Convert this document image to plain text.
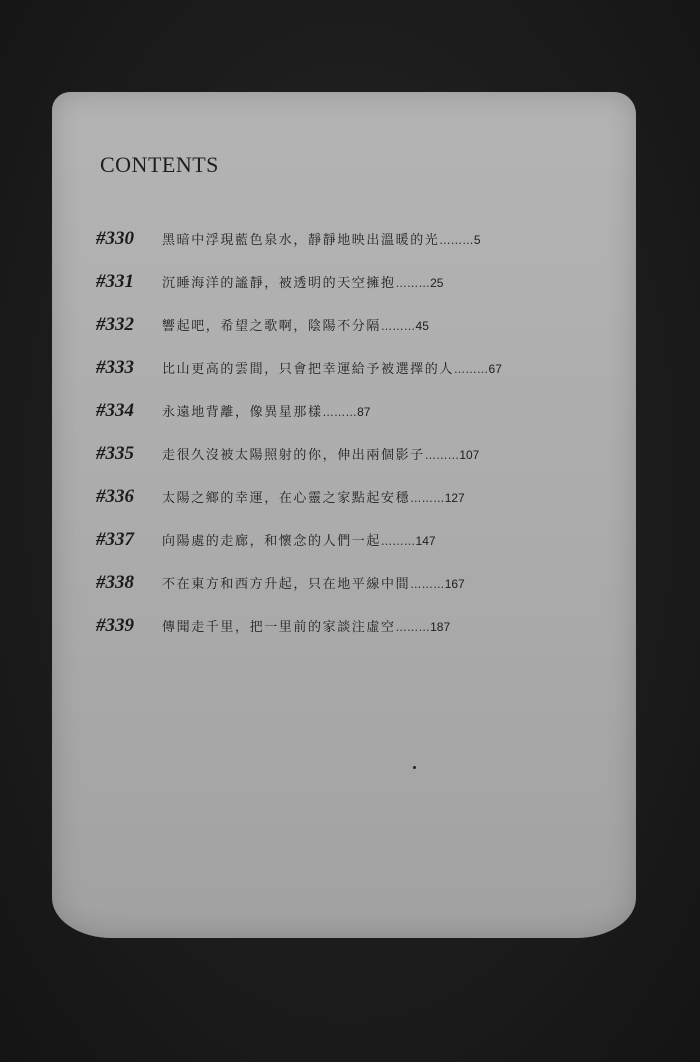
CONTENTS
#330	黑暗中浮現藍色泉水，靜靜地映出溫暖的光 ……… 5
#331	沉睡海洋的謐靜，被透明的天空擁抱 ……… 25
#332	響起吧，希望之歌啊，陰陽不分隔 ……… 45
#333	比山更高的雲間，只會把幸運給予被選擇的人 ……… 67
#334	永遠地背離，像異星那樣 ……… 87
#335	走很久沒被太陽照射的你，伸出兩個影子 ……… 107
#336	太陽之鄉的幸運，在心靈之家點起安穩 ……… 127
#337	向陽處的走廊，和懷念的人們一起 ……… 147
#338	不在東方和西方升起，只在地平線中間 ……… 167
#339	傳聞走千里，把一里前的家談注虛空 ……… 187
